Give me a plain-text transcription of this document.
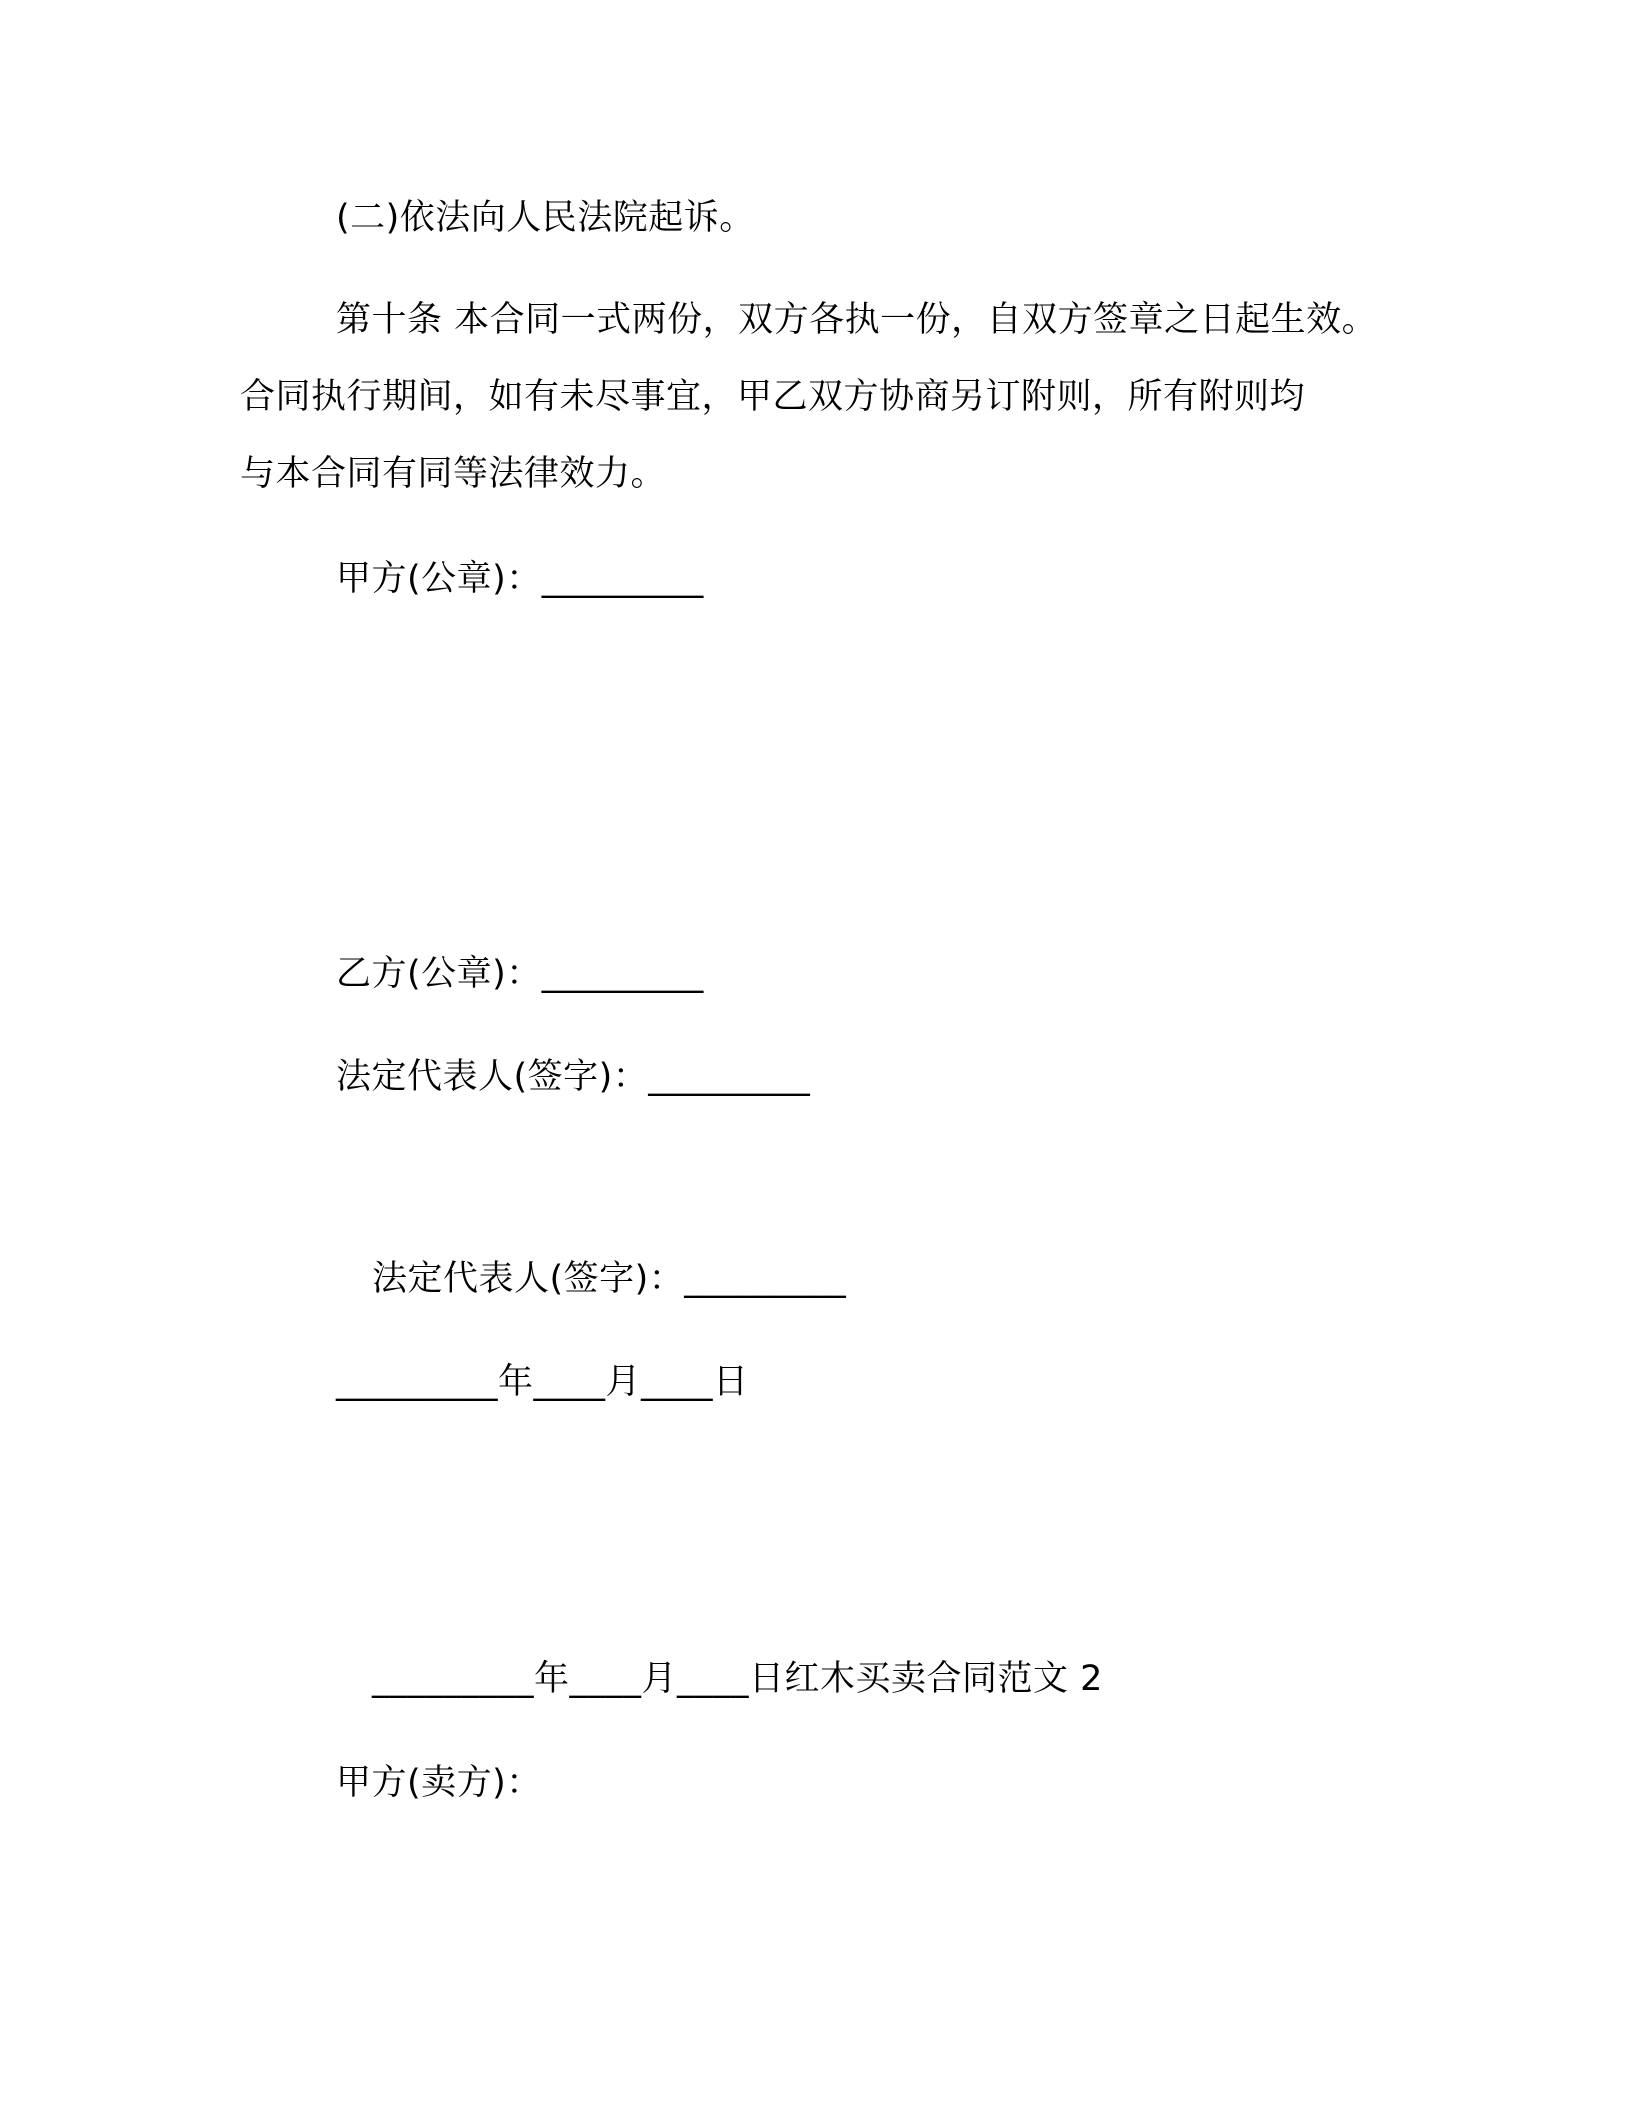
(二)依法向人民法院起诉。
第十条 本合同一式两份，双方各执一份，自双方签章之日起生效。
合同执行期间，如有未尽事宜，甲乙双方协商另订附则，所有附则均
与本合同有同等法律效力。
甲方(公章)：_________
乙方(公章)：_________
法定代表人(签字)：_________
法定代表人(签字)：_________
_________年____月____日
_________年____月____日红木买卖合同范文 2
甲方(卖方)：
